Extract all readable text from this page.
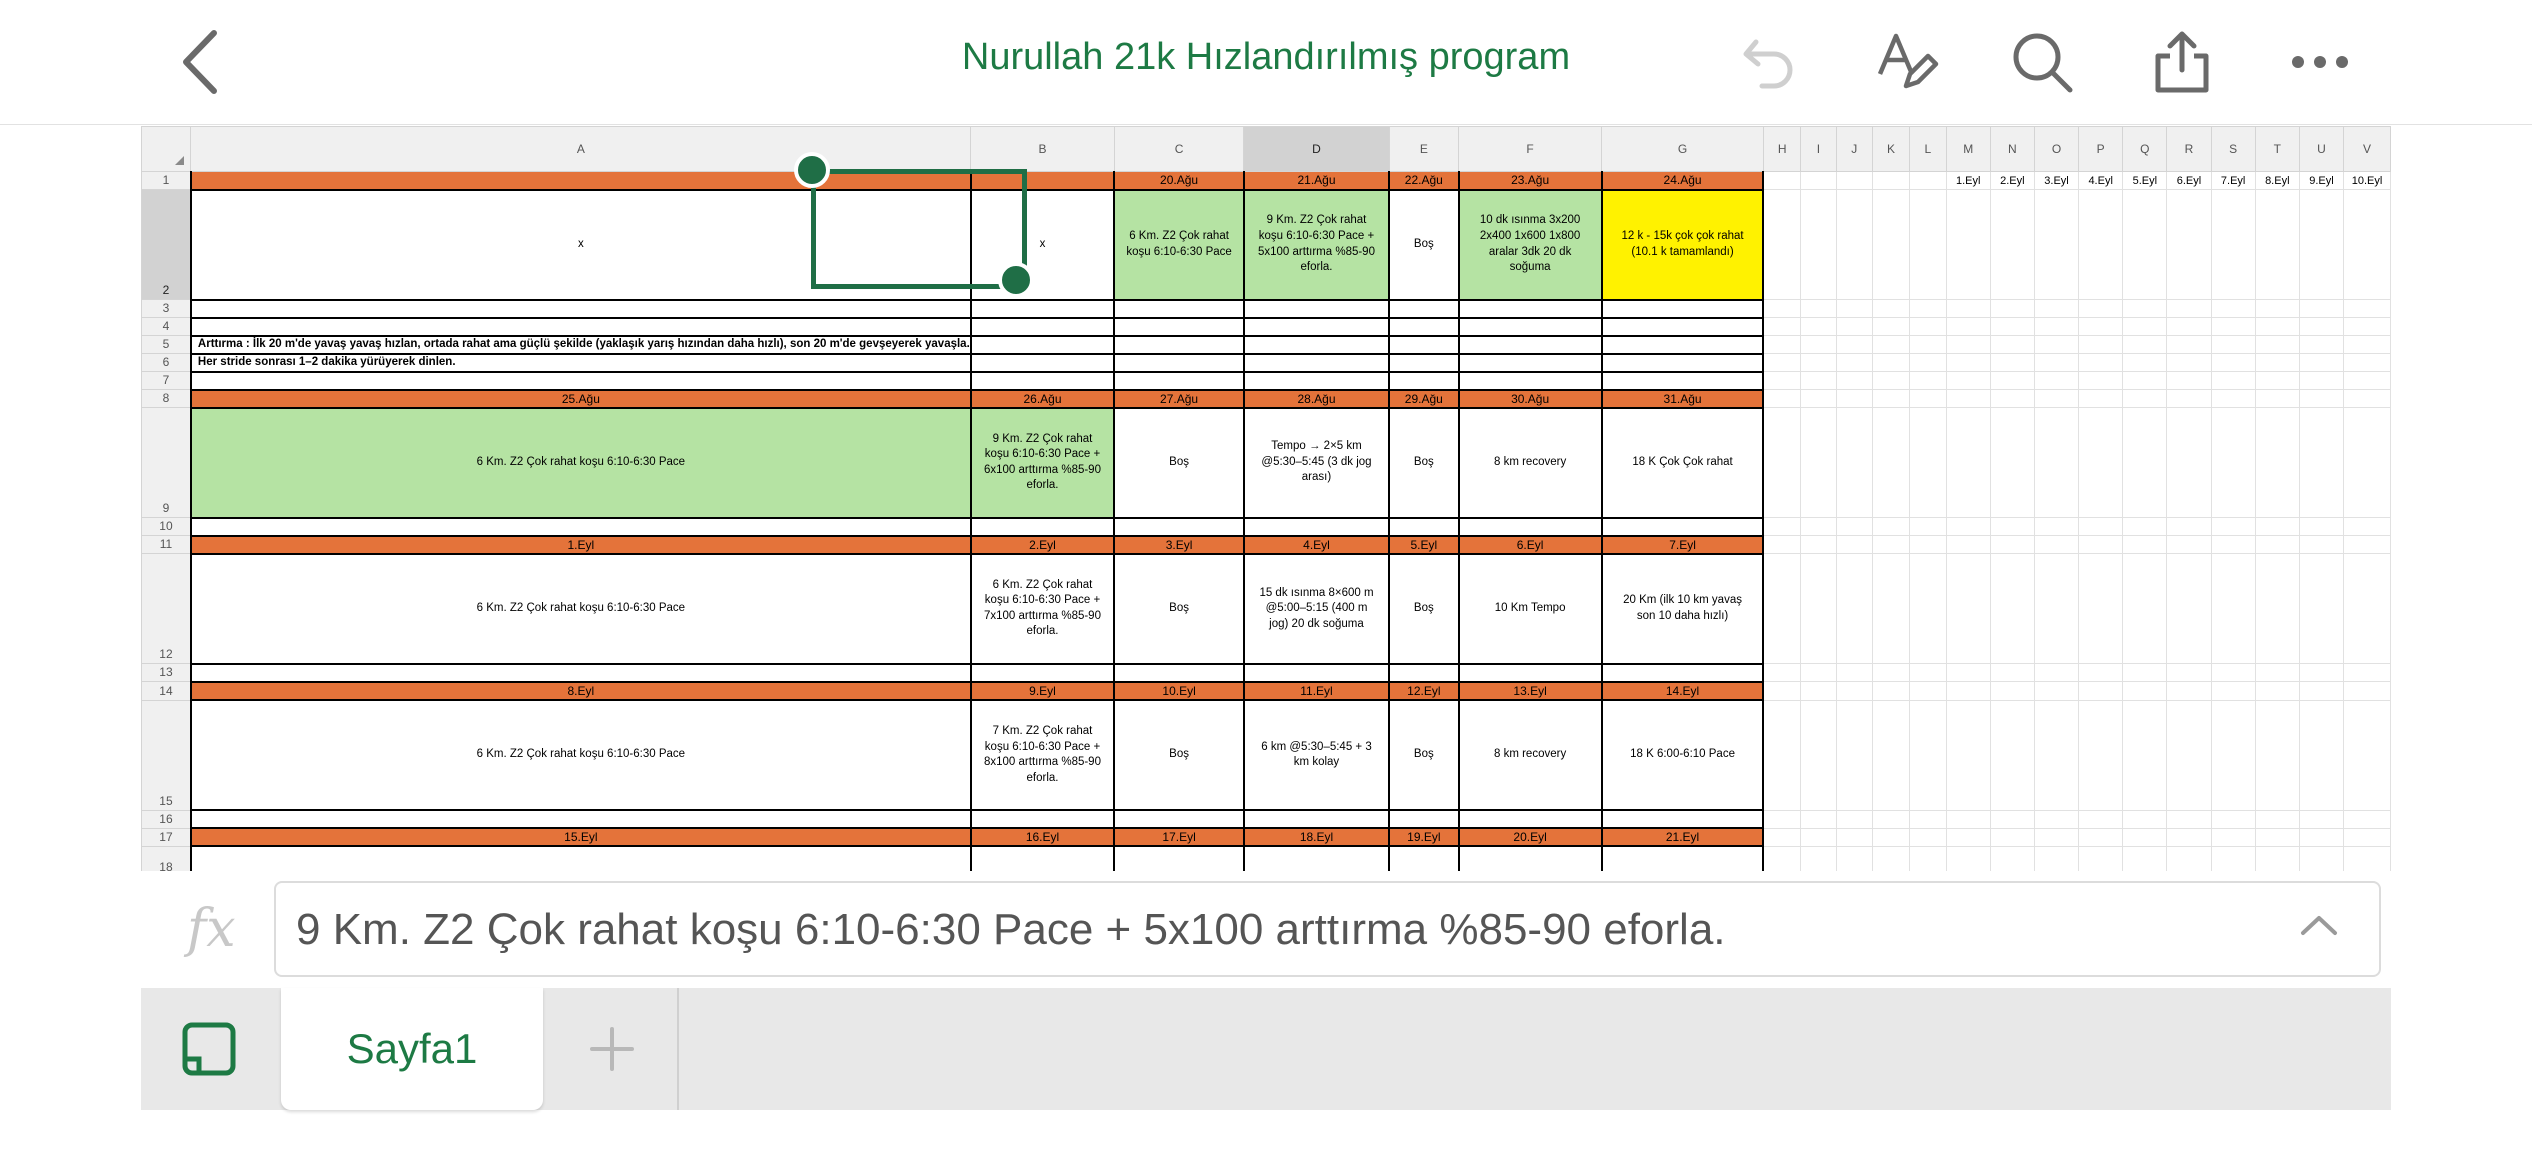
Nurullah 21k Hızlandırılmış program
	A	B	C	D	E	F	G	H	I	J	K	L	M	N	O	P	Q	R	S	T	U	V
1			20.Ağu	21.Ağu	22.Ağu	23.Ağu	24.Ağu						1.Eyl	2.Eyl	3.Eyl	4.Eyl	5.Eyl	6.Eyl	7.Eyl	8.Eyl	9.Eyl	10.Eyl
2	x	x	6 Km. Z2 Çok rahat koşu 6:10-6:30 Pace	9 Km. Z2 Çok rahat koşu 6:10-6:30 Pace + 5x100 arttırma %85-90 eforla.	Boş	10 dk ısınma 3x200 2x400 1x600 1x800 aralar 3dk 20 dk soğuma	12 k - 15k çok çok rahat (10.1 k tamamlandı)															

3																						
4																						
5	Arttırma : İlk 20 m'de yavaş yavaş hızlan, ortada rahat ama güçlü şekilde (yaklaşık yarış hızından daha hızlı), son 20 m'de gevşeyerek yavaşla.																					
6	Her stride sonrası 1–2 dakika yürüyerek dinlen.																					
7																						
8	25.Ağu	26.Ağu	27.Ağu	28.Ağu	29.Ağu	30.Ağu	31.Ağu															
9	6 Km. Z2 Çok rahat koşu 6:10-6:30 Pace	9 Km. Z2 Çok rahat koşu 6:10-6:30 Pace + 6x100 arttırma %85-90 eforla.	Boş	Tempo → 2×5 km @5:30–5:45 (3 dk jog arası)	Boş	8 km recovery	18 K Çok Çok rahat															

10																						
11	1.Eyl	2.Eyl	3.Eyl	4.Eyl	5.Eyl	6.Eyl	7.Eyl															
12	6 Km. Z2 Çok rahat koşu 6:10-6:30 Pace	6 Km. Z2 Çok rahat koşu 6:10-6:30 Pace + 7x100 arttırma %85-90 eforla.	Boş	15 dk ısınma 8×600 m @5:00–5:15 (400 m jog) 20 dk soğuma	Boş	10 Km Tempo	20 Km (ilk 10 km yavaş son 10 daha hızlı)															

13																						
14	8.Eyl	9.Eyl	10.Eyl	11.Eyl	12.Eyl	13.Eyl	14.Eyl															
15	6 Km. Z2 Çok rahat koşu 6:10-6:30 Pace	7 Km. Z2 Çok rahat koşu 6:10-6:30 Pace + 8x100 arttırma %85-90 eforla.	Boş	6 km @5:30–5:45 + 3 km kolay	Boş	8 km recovery	18 K 6:00-6:10 Pace															

16																						
17	15.Eyl	16.Eyl	17.Eyl	18.Eyl	19.Eyl	20.Eyl	21.Eyl															
18																						
fx 9 Km. Z2 Çok rahat koşu 6:10-6:30 Pace + 5x100 arttırma %85-90 eforla.
Sayfa1
